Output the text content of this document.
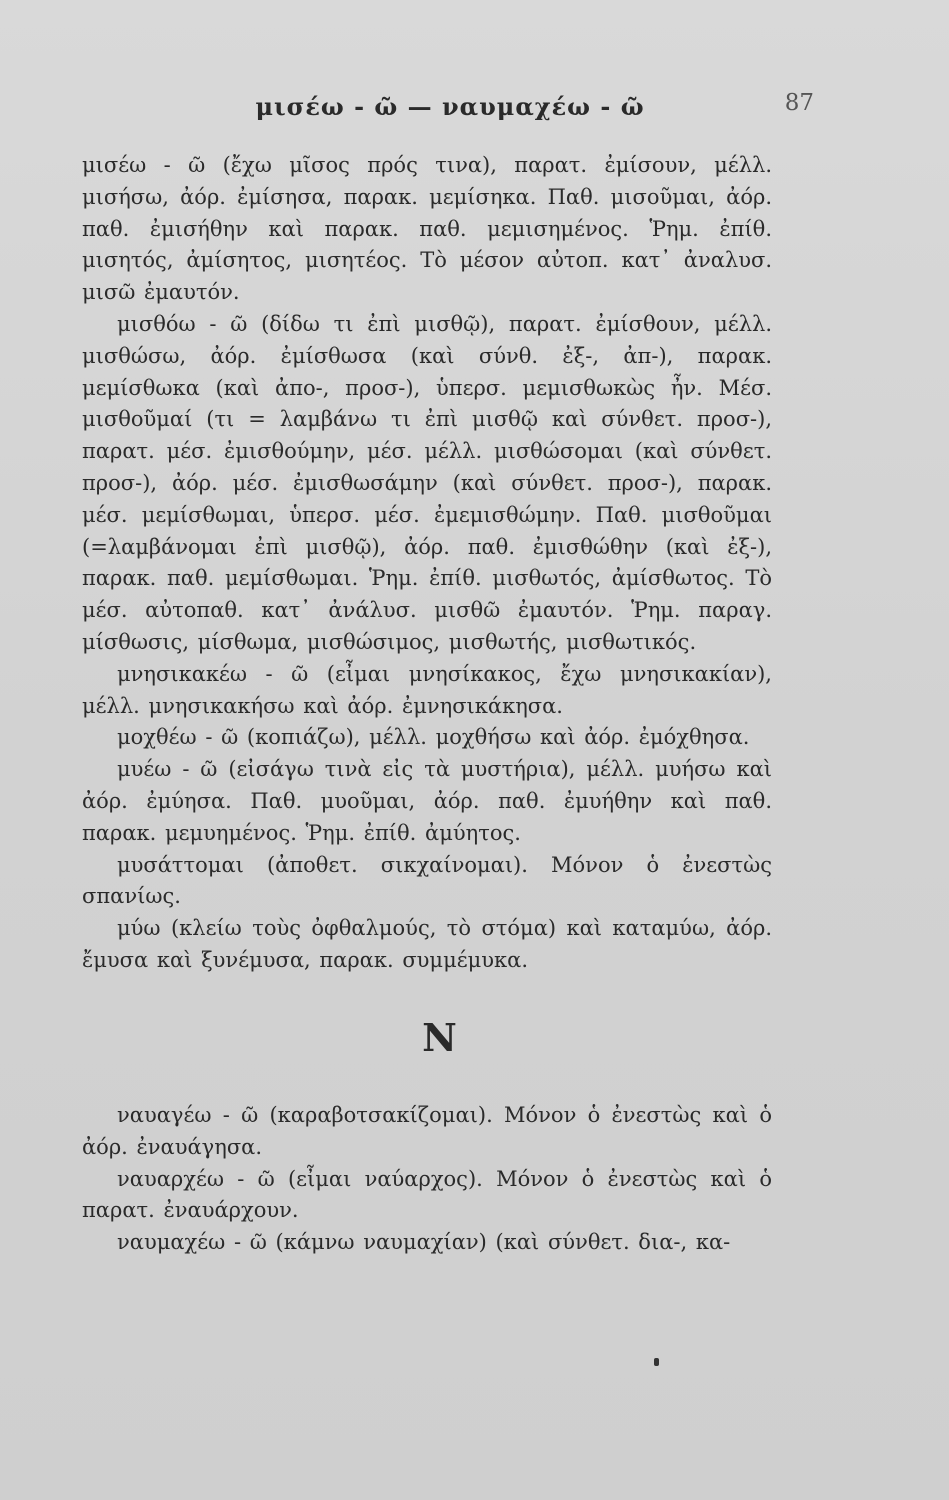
μισέω - ῶ — ναυμαχέω - ῶ	87

μισέω - ῶ (ἔχω μῖσος πρός τινα), παρατ. ἐμίσουν, μέλλ. μισήσω, ἀόρ. ἐμίσησα, παρακ. μεμίσηκα. Παθ. μισοῦμαι, ἀόρ. παθ. ἐμισήθην καὶ παρακ. παθ. μεμισημένος. Ῥημ. ἐπίθ. μισητός, ἀμίσητος, μισητέος. Τὸ μέσον αὐτοπ. κατ᾽ ἀναλυσ. μισῶ ἐμαυτόν.

μισθόω - ῶ (δίδω τι ἐπὶ μισθῷ), παρατ. ἐμίσθουν, μέλλ. μισθώσω, ἀόρ. ἐμίσθωσα (καὶ σύνθ. ἐξ-, ἀπ-), παρακ. μεμίσθωκα (καὶ ἀπο-, προσ-), ὑπερσ. μεμισθωκὼς ἦν. Μέσ. μισθοῦμαί (τι = λαμβάνω τι ἐπὶ μισθῷ καὶ σύνθετ. προσ-), παρατ. μέσ. ἐμισθούμην, μέσ. μέλλ. μισθώσομαι (καὶ σύνθετ. προσ-), ἀόρ. μέσ. ἐμισθωσάμην (καὶ σύνθετ. προσ-), παρακ. μέσ. μεμίσθωμαι, ὑπερσ. μέσ. ἐμεμισθώμην. Παθ. μισθοῦμαι (=λαμβάνομαι ἐπὶ μισθῷ), ἀόρ. παθ. ἐμισθώθην (καὶ ἐξ-), παρακ. παθ. μεμίσθωμαι. Ῥημ. ἐπίθ. μισθωτός, ἀμίσθωτος. Τὸ μέσ. αὐτοπαθ. κατ᾽ ἀνάλυσ. μισθῶ ἐμαυτόν. Ῥημ. παραγ. μίσθωσις, μίσθωμα, μισθώσιμος, μισθωτής, μισθωτικός.

μνησικακέω - ῶ (εἶμαι μνησίκακος, ἔχω μνησικακίαν), μέλλ. μνησικακήσω καὶ ἀόρ. ἐμνησικάκησα.

μοχθέω - ῶ (κοπιάζω), μέλλ. μοχθήσω καὶ ἀόρ. ἐμόχθησα.

μυέω - ῶ (εἰσάγω τινὰ εἰς τὰ μυστήρια), μέλλ. μυήσω καὶ ἀόρ. ἐμύησα. Παθ. μυοῦμαι, ἀόρ. παθ. ἐμυήθην καὶ παθ. παρακ. μεμυημένος. Ῥημ. ἐπίθ. ἀμύητος.

μυσάττομαι (ἀποθετ. σικχαίνομαι). Μόνον ὁ ἐνεστὼς σπανίως.

μύω (κλείω τοὺς ὀφθαλμούς, τὸ στόμα) καὶ καταμύω, ἀόρ. ἔμυσα καὶ ξυνέμυσα, παρακ. συμμέμυκα.

Ν

ναυαγέω - ῶ (καραβοτσακίζομαι). Μόνον ὁ ἐνεστὼς καὶ ὁ ἀόρ. ἐναυάγησα.

ναυαρχέω - ῶ (εἶμαι ναύαρχος). Μόνον ὁ ἐνεστὼς καὶ ὁ παρατ. ἐναυάρχουν.

ναυμαχέω - ῶ (κάμνω ναυμαχίαν) (καὶ σύνθετ. δια-, κα-
